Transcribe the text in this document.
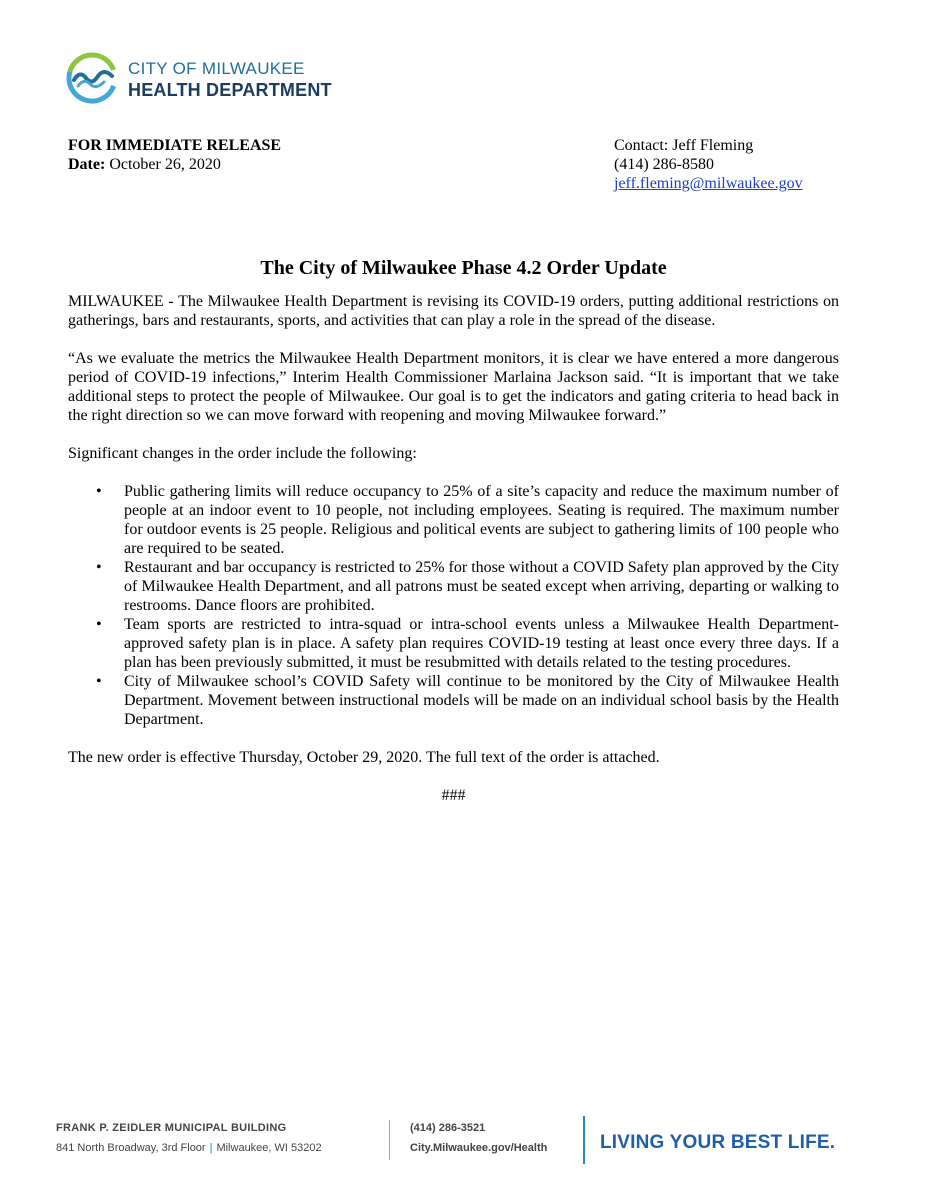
CITY OF MILWAUKEE
HEALTH DEPARTMENT
FOR IMMEDIATE RELEASE
Date: October 26, 2020
Contact: Jeff Fleming
(414) 286-8580
jeff.fleming@milwaukee.gov
The City of Milwaukee Phase 4.2 Order Update

MILWAUKEE - The Milwaukee Health Department is revising its COVID-19 orders, putting additional restrictions on gatherings, bars and restaurants, sports, and activities that can play a role in the spread of the disease.

“As we evaluate the metrics the Milwaukee Health Department monitors, it is clear we have entered a more dangerous period of COVID-19 infections,” Interim Health Commissioner Marlaina Jackson said. “It is important that we take additional steps to protect the people of Milwaukee. Our goal is to get the indicators and gating criteria to head back in the right direction so we can move forward with reopening and moving Milwaukee forward.”

Significant changes in the order include the following:

• Public gathering limits will reduce occupancy to 25% of a site’s capacity and reduce the maximum number of people at an indoor event to 10 people, not including employees. Seating is required. The maximum number for outdoor events is 25 people. Religious and political events are subject to gathering limits of 100 people who are required to be seated.
• Restaurant and bar occupancy is restricted to 25% for those without a COVID Safety plan approved by the City of Milwaukee Health Department, and all patrons must be seated except when arriving, departing or walking to restrooms. Dance floors are prohibited.
• Team sports are restricted to intra-squad or intra-school events unless a Milwaukee Health Department-approved safety plan is in place. A safety plan requires COVID-19 testing at least once every three days. If a plan has been previously submitted, it must be resubmitted with details related to the testing procedures.
• City of Milwaukee school’s COVID Safety will continue to be monitored by the City of Milwaukee Health Department. Movement between instructional models will be made on an individual school basis by the Health Department.

The new order is effective Thursday, October 29, 2020. The full text of the order is attached.

###
FRANK P. ZEIDLER MUNICIPAL BUILDING
841 North Broadway, 3rd Floor | Milwaukee, WI 53202
(414) 286-3521
City.Milwaukee.gov/Health	LIVING YOUR BEST LIFE.
